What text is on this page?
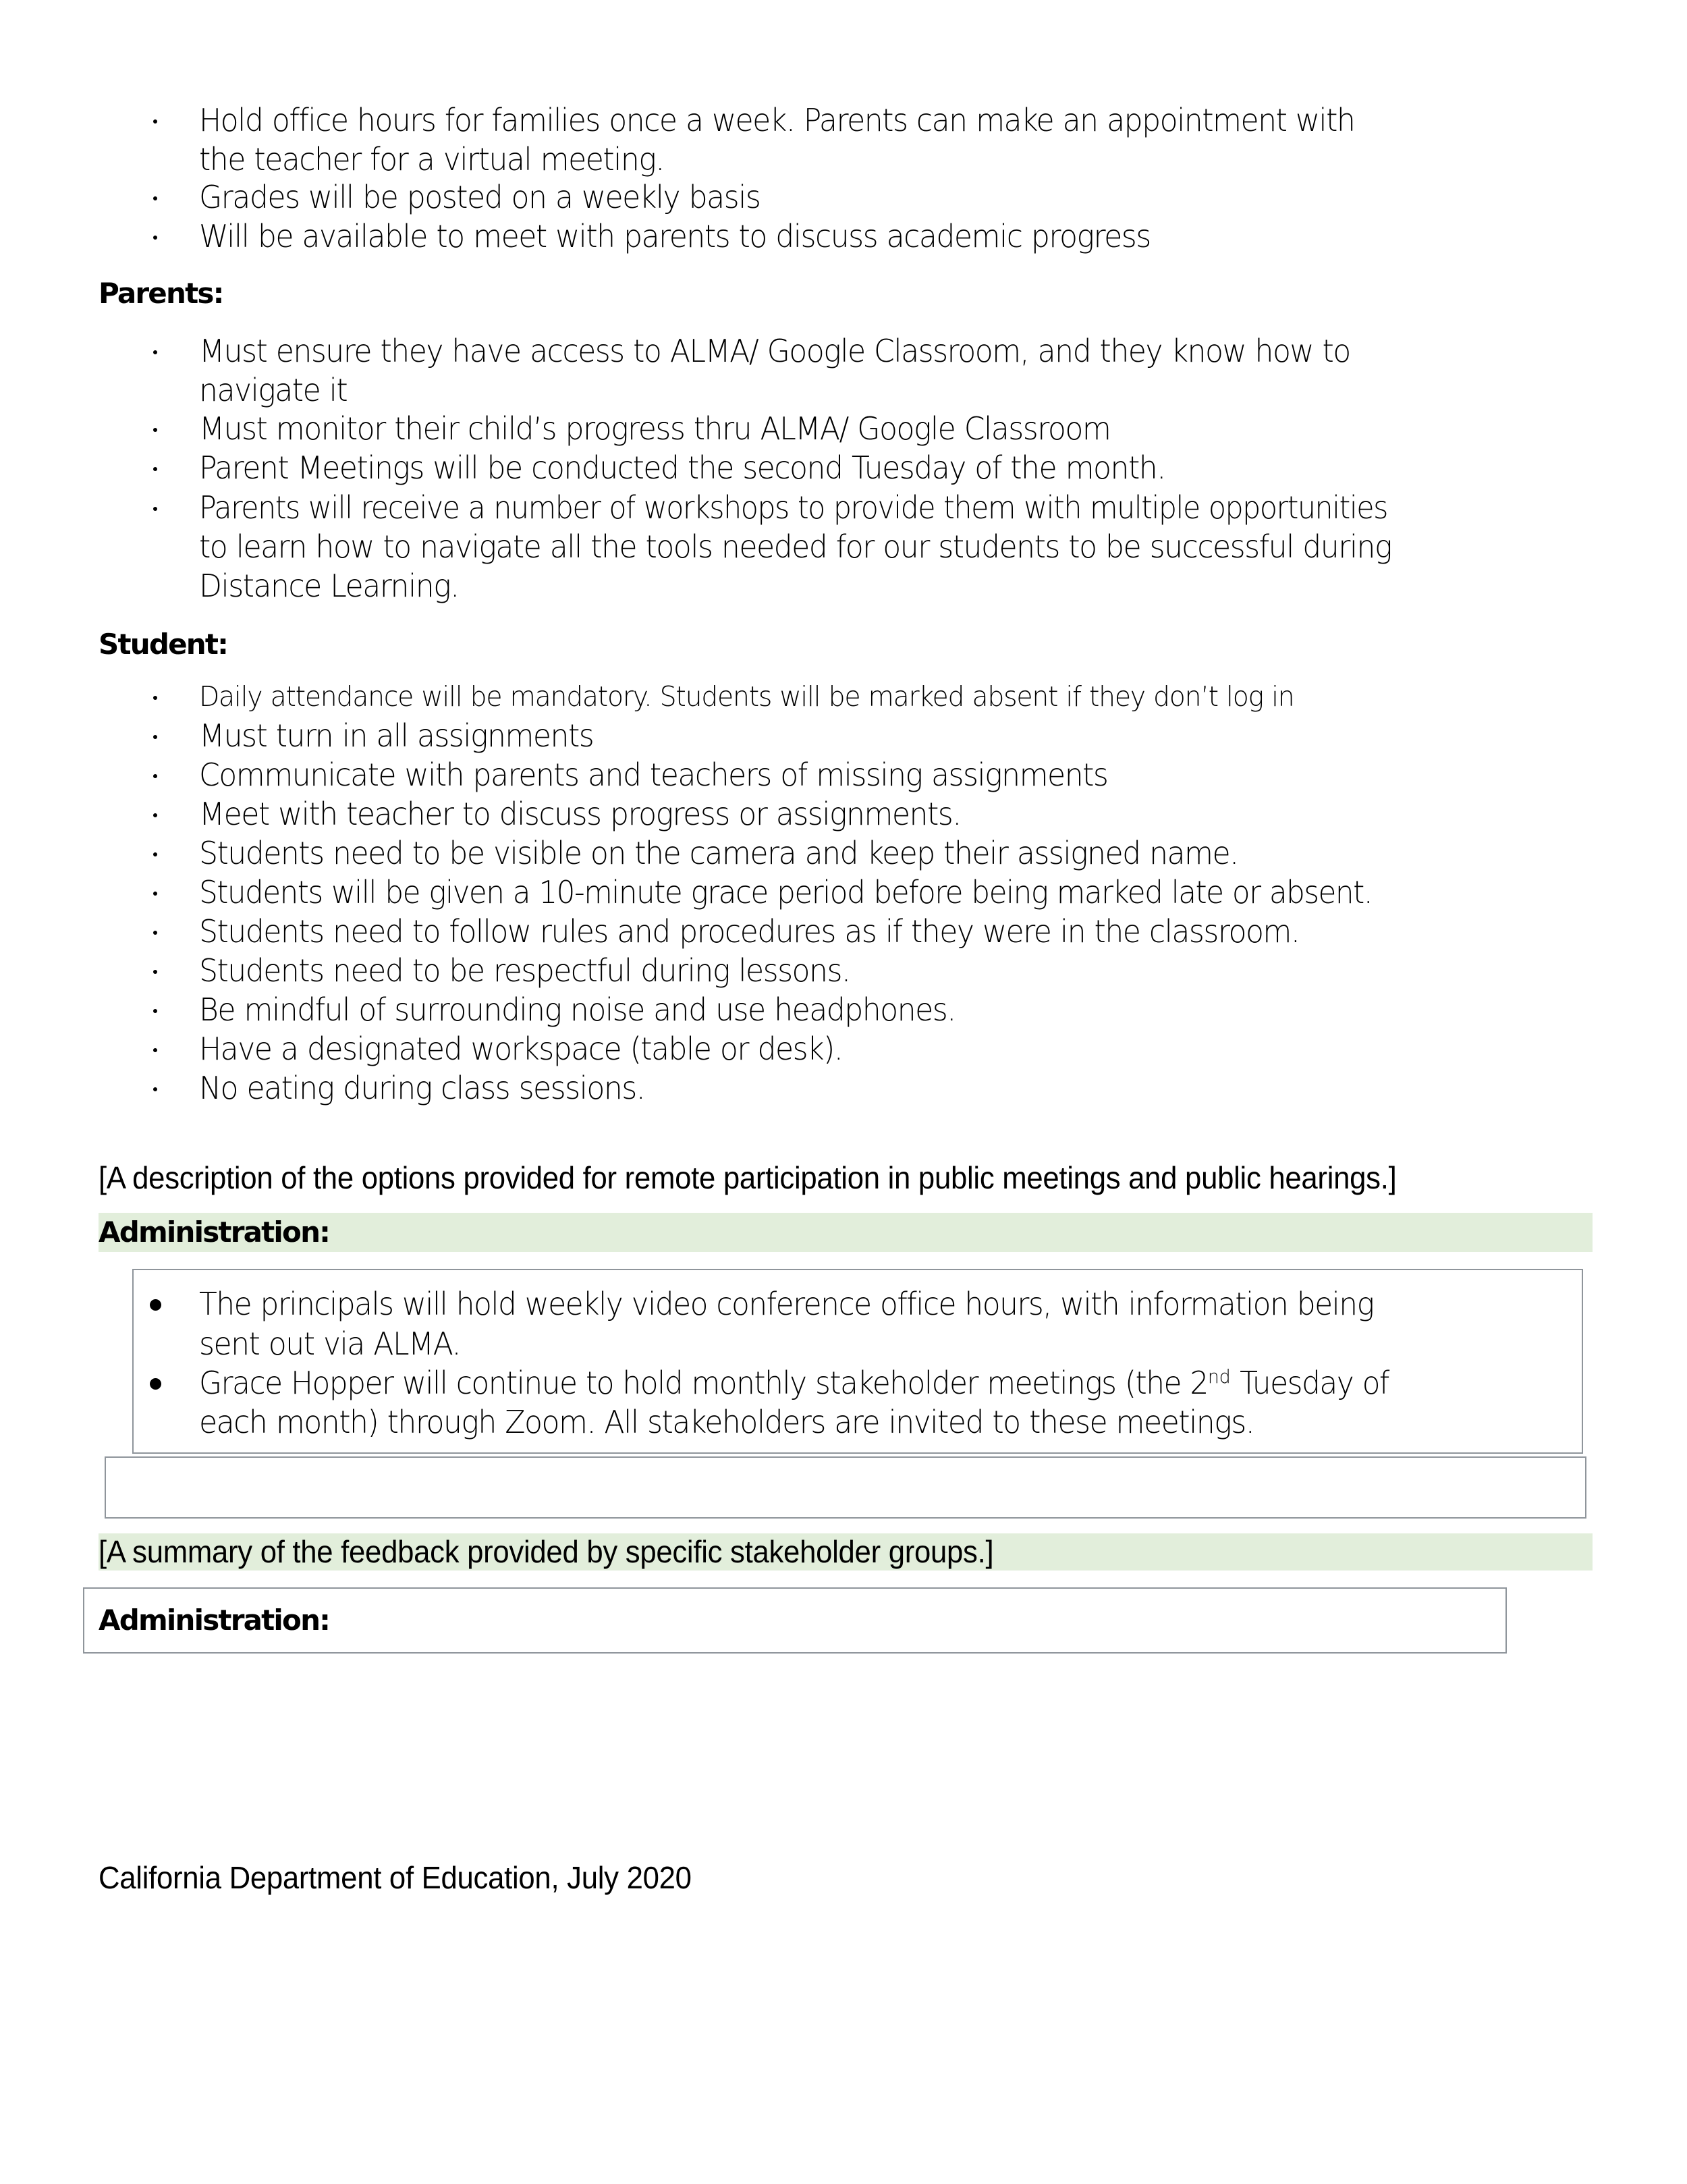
Hold office hours for families once a week. Parents can make an appointment with
the teacher for a virtual meeting.
Grades will be posted on a weekly basis
Will be available to meet with parents to discuss academic progress
Parents:
Must ensure they have access to ALMA/ Google Classroom, and they know how to
navigate it
Must monitor their child’s progress thru ALMA/ Google Classroom
Parent Meetings will be conducted the second Tuesday of the month.
Parents will receive a number of workshops to provide them with multiple opportunities
to learn how to navigate all the tools needed for our students to be successful during
Distance Learning.
Student:
Daily attendance will be mandatory. Students will be marked absent if they don’t log in
Must turn in all assignments
Communicate with parents and teachers of missing assignments
Meet with teacher to discuss progress or assignments.
Students need to be visible on the camera and keep their assigned name.
Students will be given a 10-minute grace period before being marked late or absent.
Students need to follow rules and procedures as if they were in the classroom.
Students need to be respectful during lessons.
Be mindful of surrounding noise and use headphones.
Have a designated workspace (table or desk).
No eating during class sessions.
[A description of the options provided for remote participation in public meetings and public hearings.]
Administration:
The principals will hold weekly video conference office hours, with information being
sent out via ALMA.
Grace Hopper will continue to hold monthly stakeholder meetings (the 2nd Tuesday of
each month) through Zoom. All stakeholders are invited to these meetings.
[A summary of the feedback provided by specific stakeholder groups.]
Administration:
California Department of Education, July 2020
